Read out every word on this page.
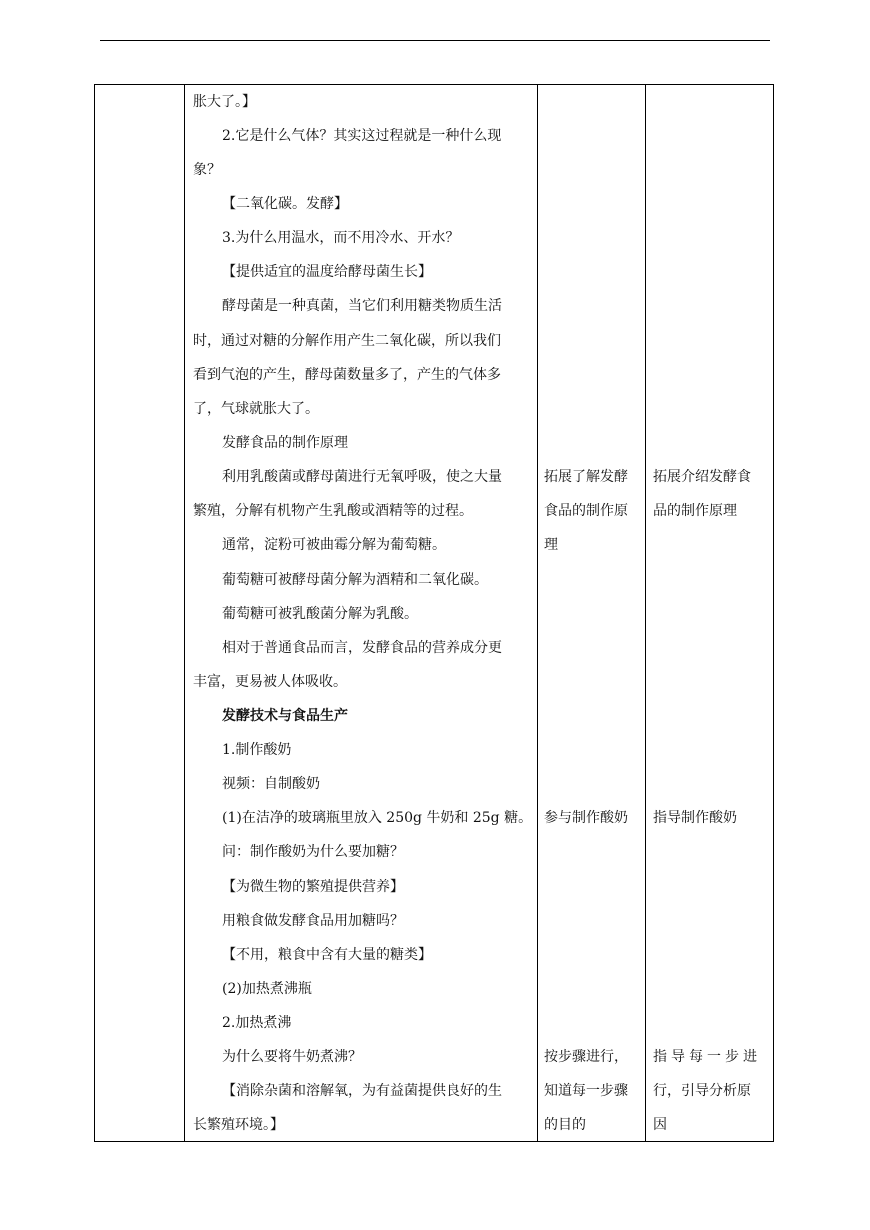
胀大了。】
2.它是什么气体？其实这过程就是一种什么现
象？
【二氧化碳。发酵】
3.为什么用温水，而不用冷水、开水？
【提供适宜的温度给酵母菌生长】
酵母菌是一种真菌，当它们利用糖类物质生活
时，通过对糖的分解作用产生二氧化碳，所以我们
看到气泡的产生，酵母菌数量多了，产生的气体多
了，气球就胀大了。
发酵食品的制作原理
利用乳酸菌或酵母菌进行无氧呼吸，使之大量
繁殖，分解有机物产生乳酸或酒精等的过程。
通常，淀粉可被曲霉分解为葡萄糖。
葡萄糖可被酵母菌分解为酒精和二氧化碳。
葡萄糖可被乳酸菌分解为乳酸。
相对于普通食品而言，发酵食品的营养成分更
丰富，更易被人体吸收。
发酵技术与食品生产
1.制作酸奶
视频：自制酸奶
(1)在洁净的玻璃瓶里放入 250g 牛奶和 25g 糖。
问：制作酸奶为什么要加糖？
【为微生物的繁殖提供营养】
用粮食做发酵食品用加糖吗？
【不用，粮食中含有大量的糖类】
(2)加热煮沸瓶
2.加热煮沸
为什么要将牛奶煮沸？
【消除杂菌和溶解氧，为有益菌提供良好的生
长繁殖环境。】
拓展了解发酵
食品的制作原
理
参与制作酸奶
按步骤进行，
知道每一步骤
的目的
拓展介绍发酵食
品的制作原理
指导制作酸奶
指导每一步进
行，引导分析原
因
